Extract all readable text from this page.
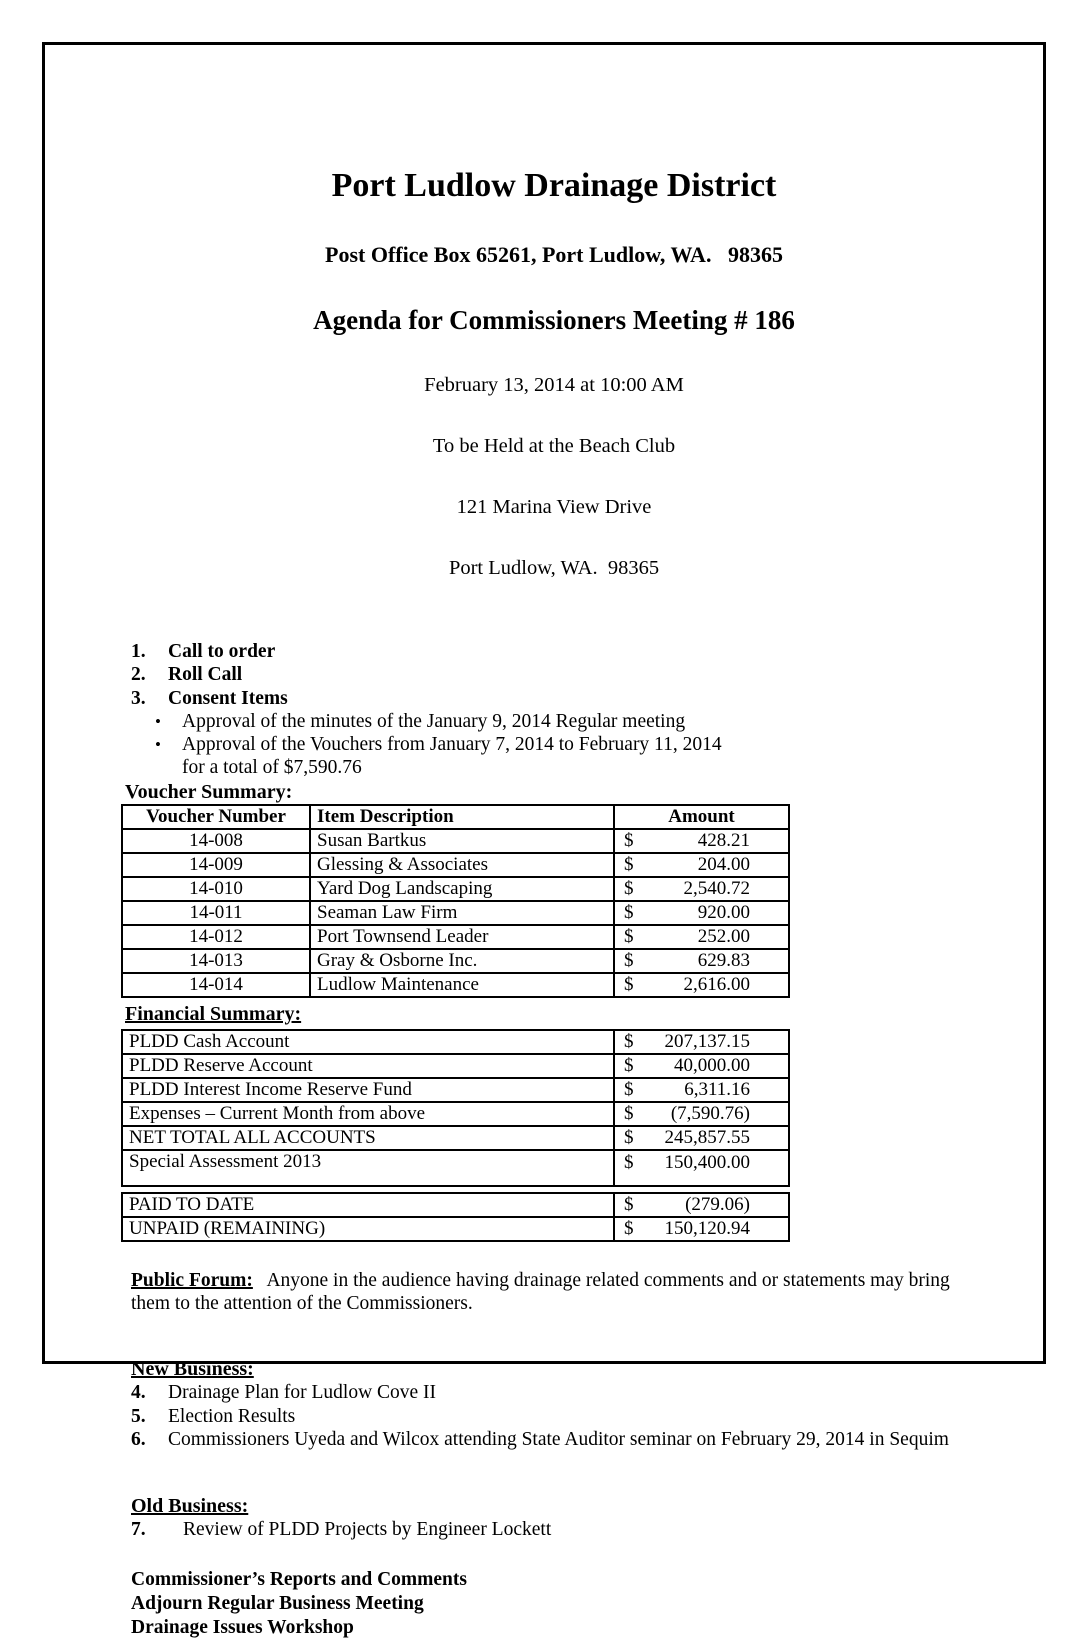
Port Ludlow Drainage District

Post Office Box 65261, Port Ludlow, WA.   98365

Agenda for Commissioners Meeting # 186

February 13, 2014 at 10:00 AM

To be Held at the Beach Club

121 Marina View Drive

Port Ludlow, WA.  98365

1.	Call to order
2.	Roll Call
3.	Consent Items
•	Approval of the minutes of the January 9, 2014 Regular meeting
•	Approval of the Vouchers from January 7, 2014 to February 11, 2014
for a total of $7,590.76
Voucher Summary:
Voucher Number	Item Description	Amount
14-008	Susan Bartkus	$ 428.21

14-009	Glessing & Associates	$ 204.00

14-010	Yard Dog Landscaping	$ 2,540.72

14-011	Seaman Law Firm	$ 920.00

14-012	Port Townsend Leader	$ 252.00

14-013	Gray & Osborne Inc.	$ 629.83

14-014	Ludlow Maintenance	$ 2,616.00
Financial Summary:
PLDD Cash Account	$ 207,137.15

PLDD Reserve Account	$ 40,000.00

PLDD Interest Income Reserve Fund	$ 6,311.16

Expenses – Current Month from above	$ (7,590.76)

NET TOTAL ALL ACCOUNTS	$ 245,857.55

Special Assessment 2013	$ 150,400.00
PAID TO DATE	$ (279.06)

UNPAID (REMAINING)	$ 150,120.94
Public Forum: Anyone in the audience having drainage related comments and or statements may bring
them to the attention of the Commissioners.
New Business:
4.	Drainage Plan for Ludlow Cove II
5.	Election Results
6.	Commissioners Uyeda and Wilcox attending State Auditor seminar on February 29, 2014 in Sequim
Old Business:
7.	Review of PLDD Projects by Engineer Lockett
Commissioner’s Reports and Comments
Adjourn Regular Business Meeting
Drainage Issues Workshop
